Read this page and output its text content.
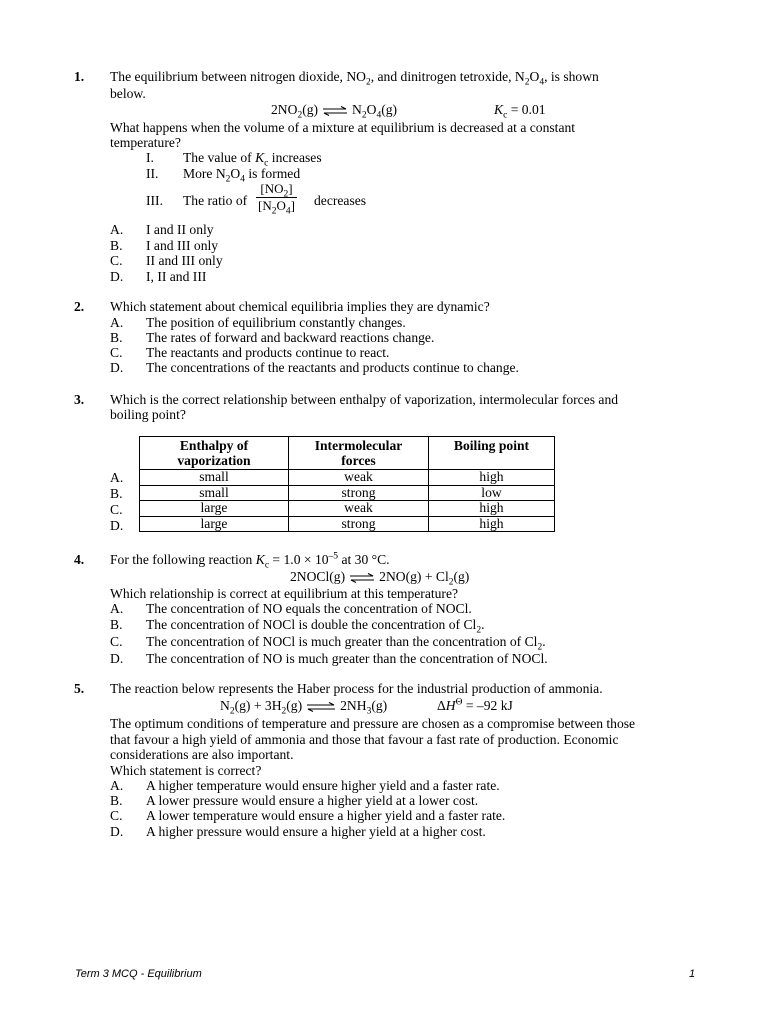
1. The equilibrium between nitrogen dioxide, $NO_2$, and dinitrogen tetroxide, $N_2O_4$, is shown
below.
$2NO_2(g)$ ⇌ $N_2O_4(g)$	$K_c = 0.01$
What happens when the volume of a mixture at equilibrium is decreased at a constant
temperature?
I. The value of $K_c$ increases
II. More $N_2O_4$ is formed
III. The ratio of $\frac{[NO_2]}{[N_2O_4]}$ decreases
A. I and II only
B. I and III only
C. II and III only
D. I, II and III
2. Which statement about chemical equilibria implies they are dynamic?
A. The position of equilibrium constantly changes.
B. The rates of forward and backward reactions change.
C. The reactants and products continue to react.
D. The concentrations of the reactants and products continue to change.
3. Which is the correct relationship between enthalpy of vaporization, intermolecular forces and
boiling point?
Enthalpy of
vaporization	Intermolecular
forces	Boiling point

small	weak	high
small	strong	low
large	weak	high
large	strong	high
A.
B.
C.
D.
4. For the following reaction $K_c = 1.0 \times 10^{-5}$ at 30 °C.
2NOCl(g) ⇌ $2NO(g) + Cl_2(g)$
Which relationship is correct at equilibrium at this temperature?
A. The concentration of NO equals the concentration of NOCl.
B. The concentration of NOCl is double the concentration of $Cl_2$.
C. The concentration of NOCl is much greater than the concentration of $Cl_2$.
D. The concentration of NO is much greater than the concentration of NOCl.
5. The reaction below represents the Haber process for the industrial production of ammonia.
$N_2(g) + 3H_2(g)$ ⇌ $2NH_3(g)$	$\Delta H^\Theta = -92$ kJ
The optimum conditions of temperature and pressure are chosen as a compromise between those
that favour a high yield of ammonia and those that favour a fast rate of production. Economic
considerations are also important.
Which statement is correct?
A. A higher temperature would ensure higher yield and a faster rate.
B. A lower pressure would ensure a higher yield at a lower cost.
C. A lower temperature would ensure a higher yield and a faster rate.
D. A higher pressure would ensure a higher yield at a higher cost.
Term 3 MCQ - Equilibrium	1
